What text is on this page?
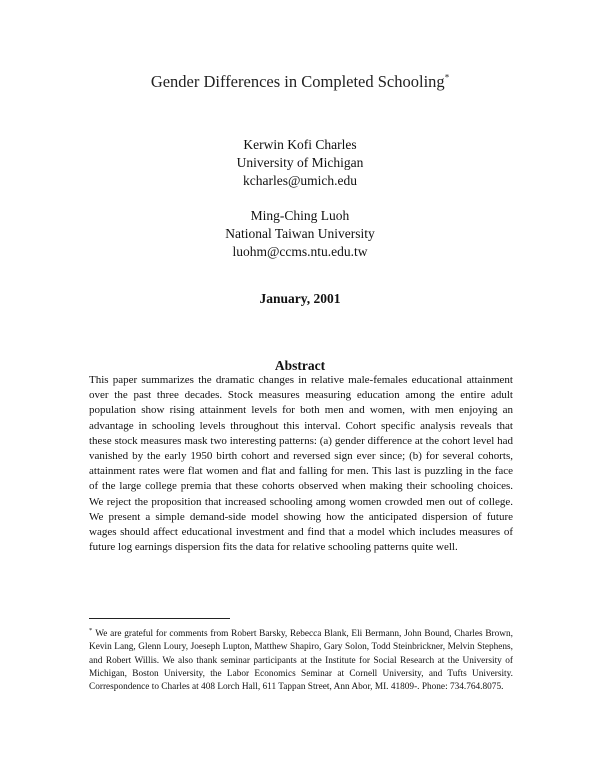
Gender Differences in Completed Schooling*
Kerwin Kofi Charles
University of Michigan
kcharles@umich.edu
Ming-Ching Luoh
National Taiwan University
luohm@ccms.ntu.edu.tw
January, 2001
Abstract
This paper summarizes the dramatic changes in relative male-females educational attainment over the past three decades. Stock measures measuring education among the entire adult population show rising attainment levels for both men and women, with men enjoying an advantage in schooling levels throughout this interval. Cohort specific analysis reveals that these stock measures mask two interesting patterns: (a) gender difference at the cohort level had vanished by the early 1950 birth cohort and reversed sign ever since; (b) for several cohorts, attainment rates were flat women and flat and falling for men. This last is puzzling in the face of the large college premia that these cohorts observed when making their schooling choices. We reject the proposition that increased schooling among women crowded men out of college. We present a simple demand-side model showing how the anticipated dispersion of future wages should affect educational investment and find that a model which includes measures of future log earnings dispersion fits the data for relative schooling patterns quite well.
* We are grateful for comments from Robert Barsky, Rebecca Blank, Eli Bermann, John Bound, Charles Brown, Kevin Lang, Glenn Loury, Joeseph Lupton, Matthew Shapiro, Gary Solon, Todd Steinbrickner, Melvin Stephens, and Robert Willis. We also thank seminar participants at the Institute for Social Research at the University of Michigan, Boston University, the Labor Economics Seminar at Cornell University, and Tufts University. Correspondence to Charles at 408 Lorch Hall, 611 Tappan Street, Ann Abor, MI. 41809-. Phone: 734.764.8075.
